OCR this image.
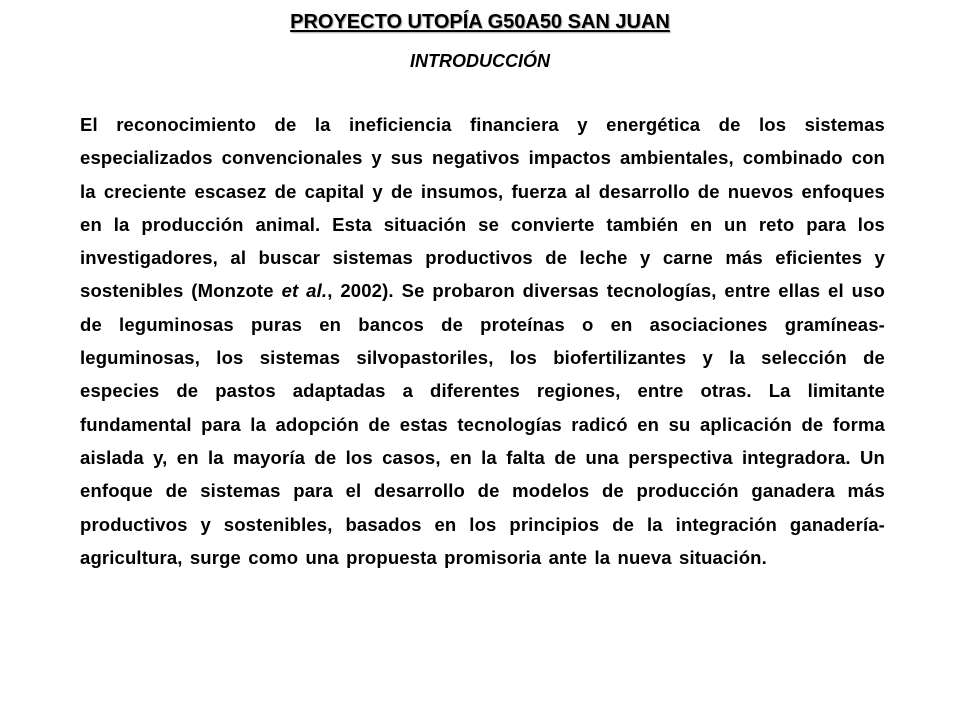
PROYECTO UTOPÍA G50A50 SAN JUAN
INTRODUCCIÓN

El reconocimiento de la ineficiencia financiera y energética de los sistemas especializados convencionales y sus negativos impactos ambientales, combinado con la creciente escasez de capital y de insumos, fuerza al desarrollo de nuevos enfoques en la producción animal. Esta situación se convierte también en un reto para los investigadores, al buscar sistemas productivos de leche y carne más eficientes y sostenibles (Monzote et al., 2002). Se probaron diversas tecnologías, entre ellas el uso de leguminosas puras en bancos de proteínas o en asociaciones gramíneas-leguminosas, los sistemas silvopastoriles, los biofertilizantes y la selección de especies de pastos adaptadas a diferentes regiones, entre otras. La limitante fundamental para la adopción de estas tecnologías radicó en su aplicación de forma aislada y, en la mayoría de los casos, en la falta de una perspectiva integradora. Un enfoque de sistemas para el desarrollo de modelos de producción ganadera más productivos y sostenibles, basados en los principios de la integración ganadería-agricultura, surge como una propuesta promisoria ante la nueva situación.
